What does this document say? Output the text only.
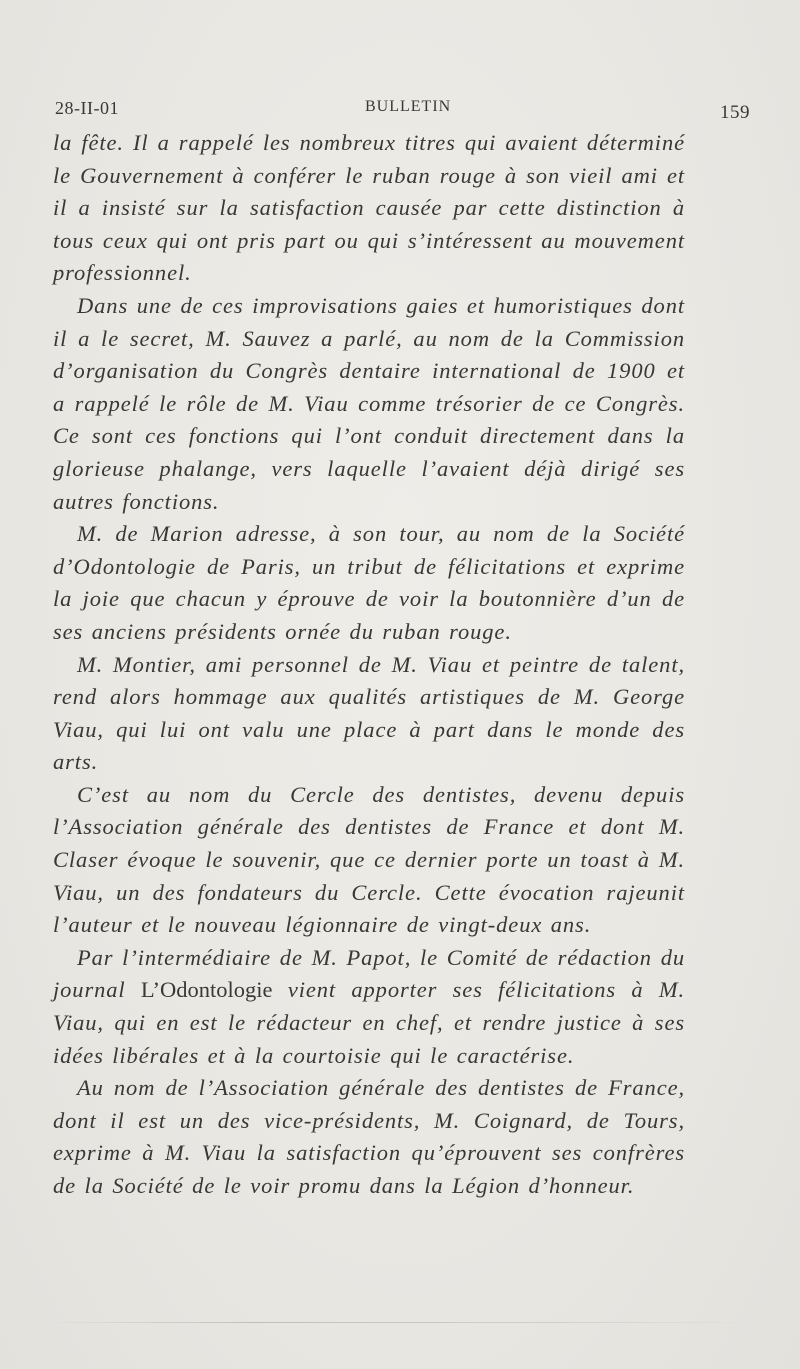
28-II-01	BULLETIN	159

la fête. Il a rappelé les nombreux titres qui avaient déterminé le Gouvernement à conférer le ruban rouge à son vieil ami et il a insisté sur la satisfaction causée par cette distinction à tous ceux qui ont pris part ou qui s’intéressent au mouvement professionnel.

Dans une de ces improvisations gaies et humoristiques dont il a le secret, M. Sauvez a parlé, au nom de la Commission d’organisation du Congrès dentaire international de 1900 et a rappelé le rôle de M. Viau comme trésorier de ce Congrès. Ce sont ces fonctions qui l’ont conduit directement dans la glorieuse phalange, vers laquelle l’avaient déjà dirigé ses autres fonctions.

M. de Marion adresse, à son tour, au nom de la Société d’Odontologie de Paris, un tribut de félicitations et exprime la joie que chacun y éprouve de voir la boutonnière d’un de ses anciens présidents ornée du ruban rouge.

M. Montier, ami personnel de M. Viau et peintre de talent, rend alors hommage aux qualités artistiques de M. George Viau, qui lui ont valu une place à part dans le monde des arts.

C’est au nom du Cercle des dentistes, devenu depuis l’Association générale des dentistes de France et dont M. Claser évoque le souvenir, que ce dernier porte un toast à M. Viau, un des fondateurs du Cercle. Cette évocation rajeunit l’auteur et le nouveau légionnaire de vingt-deux ans.

Par l’intermédiaire de M. Papot, le Comité de rédaction du journal L’Odontologie vient apporter ses félicitations à M. Viau, qui en est le rédacteur en chef, et rendre justice à ses idées libérales et à la courtoisie qui le caractérise.

Au nom de l’Association générale des dentistes de France, dont il est un des vice-présidents, M. Coignard, de Tours, exprime à M. Viau la satisfaction qu’éprouvent ses confrères de la Société de le voir promu dans la Légion d’honneur.
